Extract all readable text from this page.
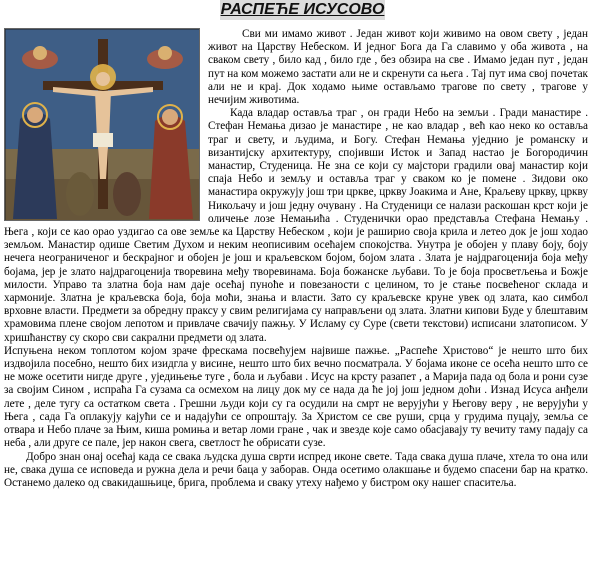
РАСПЕЋЕ ИСУСОВО

Сви ми имамо живот . Један живот који живимо на овом свету , један живот на Царству Небеском. И једног Бога да Га славимо у оба живота , на сваком свету , било кад , било где , без обзира на све . Имамо један пут , један пут на ком можемо застати али не и скренути са њега . Тај пут има свој почетак али не и крај. Док ходамо њиме остављамо трагове по свету , трагове у нечијим животима.

Када владар оставља траг , он гради Небо на земљи . Гради манастире . Стефан Немања дизао је манастире , не као владар , већ као неко ко оставља траг и свету, и људима, и Богу. Стефан Немања уједнио је романску и византијску архитектуру, спојивши Исток и Запад настао је Богородичин манастир, Студеница. Не зна се који су мајстори градили овај манастир који спаја Небо и земљу и оставља траг у сваком ко је помене . Зидови око манастира окружују још три цркве, цркву Јоакима и Ане, Краљеву цркву, цркву Никољачу и још једну очувану . На Студеници се налази раскошан крст који је оличење лозе Немањића . Студенички орао представља Стефана Немању . Њега , који се као орао уздигао са ове земље ка Царству Небеском , који је раширио своја крила и летео док је још ходао земљом. Манастир одише Светим Духом и неким неописивим осећајем спокојства. Унутра је обојен у плаву боју, боју нечега неограниченог и бескрајног и обојен је још и краљевском бојом, бојом злата . Злата је најдрагоценија боја међу бојама, јер је злато најдрагоценија творевина међу творевинама. Боја божанске љубави. То је боја просветљења и Божје милости. Управо та златна боја нам даје осећај пуноће и повезаности с целином, то је стање посвећеног склада и хармоније. Златна је краљевска боја, боја моћи, знања и власти. Зато су краљевске круне увек од злата, као симбол врховне власти. Предмети за обредну праксу у свим религијама су направљени од злата. Златни кипови Буде у блештавим храмовима плене својом лепотом и привлаче свачију пажњу. У Исламу су Суре (свети текстови) исписани златописом. У хришћанству су скоро сви сакрални предмети од злата.

Испуњена неком топлотом којом зраче фрескама посвећујем највише пажње. „Распеће Христово“ је нешто што бих издвојила посебно, нешто бих изидгла у висине, нешто што бих вечно посматрала. У бојама иконе се осећа нешто што се не може осетити нигде друге , уједињење туге , бола и љубави . Исус на крсту разапет , а Марија пада од бола и рони сузе за својим Сином , испраћа Га сузама са осмехом на лицу док му се нада да ће јој још једном доћи . Изнад Исуса анђели лете , деле тугу са остатком света . Грешни људи који су га осудили на смрт не верујући у Његову веру , не верујући у Њега , сада Га оплакују кајући се и надајући се опроштају. За Христом се све руши, срца у грудима пуцају, земља се отвара и Небо плаче за Њим, кишa ромиња и ветар ломи гране , чак и звезде које само обасјавају ту вечиту таму падају са неба , али друге се пале, јер након свега, светлост ће обрисати сузе.

Добро знан онај осећај када се свака људска душа сврти испред иконе свете. Тада свака душа плаче, хтела то она или не, свака душа се исповеда и ружна дела и речи баца у заборав. Онда осетимо олакшање и будемо спасени бар на кратко. Останемо далеко од свакидашњице, брига, проблема и сваку утеху нађемо у бистром оку нашег спаситеља.
